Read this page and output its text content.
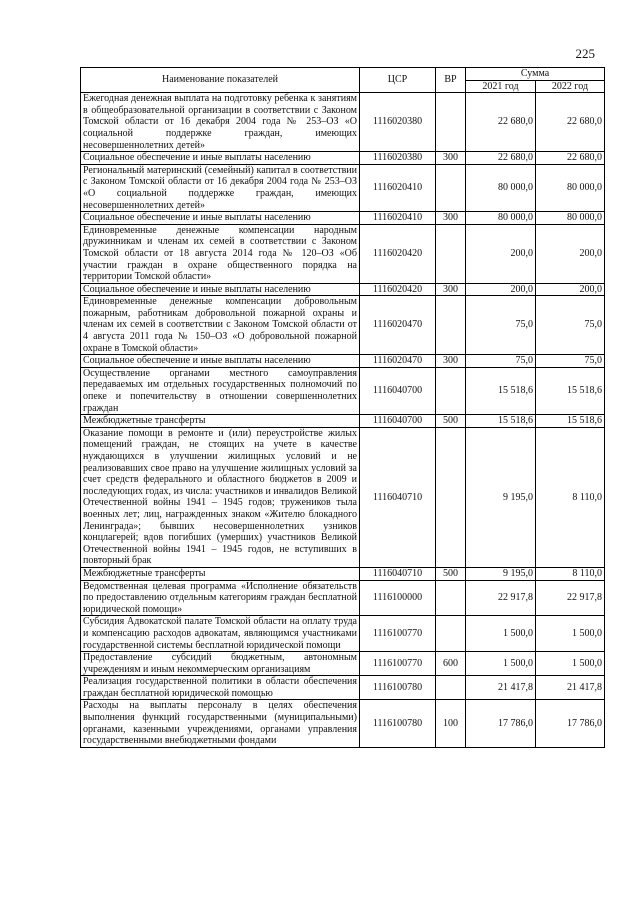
225
Наименование показателей	ЦСР	ВР	Сумма	
			2021 год	2022 год
Ежегодная денежная выплата на подготовку ребенка к занятиям в общеобразовательной организации в соответствии с Законом Томской области от 16 декабря 2004 года № 253–ОЗ «О социальной поддержке граждан, имеющих несовершеннолетних детей»	1116020380		22 680,0	22 680,0
Социальное обеспечение и иные выплаты населению	1116020380	300	22 680,0	22 680,0
Региональный материнский (семейный) капитал в соответствии с Законом Томской области от 16 декабря 2004 года № 253–ОЗ «О социальной поддержке граждан, имеющих несовершеннолетних детей»	1116020410		80 000,0	80 000,0
Социальное обеспечение и иные выплаты населению	1116020410	300	80 000,0	80 000,0
Единовременные денежные компенсации народным дружинникам и членам их семей в соответствии с Законом Томской области от 18 августа 2014 года № 120–ОЗ «Об участии граждан в охране общественного порядка на территории Томской области»	1116020420		200,0	200,0
Социальное обеспечение и иные выплаты населению	1116020420	300	200,0	200,0
Единовременные денежные компенсации добровольным пожарным, работникам добровольной пожарной охраны и членам их семей в соответствии с Законом Томской области от 4 августа 2011 года № 150–ОЗ «О добровольной пожарной охране в Томской области»	1116020470		75,0	75,0
Социальное обеспечение и иные выплаты населению	1116020470	300	75,0	75,0
Осуществление органами местного самоуправления передаваемых им отдельных государственных полномочий по опеке и попечительству в отношении совершеннолетних граждан	1116040700		15 518,6	15 518,6
Межбюджетные трансферты	1116040700	500	15 518,6	15 518,6
Оказание помощи в ремонте и (или) переустройстве жилых помещений граждан, не стоящих на учете в качестве нуждающихся в улучшении жилищных условий и не реализовавших свое право на улучшение жилищных условий за счет средств федерального и областного бюджетов в 2009 и последующих годах, из числа: участников и инвалидов Великой Отечественной войны 1941 – 1945 годов; тружеников тыла военных лет; лиц, награжденных знаком «Жителю блокадного Ленинграда»; бывших несовершеннолетних узников концлагерей; вдов погибших (умерших) участников Великой Отечественной войны 1941 – 1945 годов, не вступивших в повторный брак	1116040710		9 195,0	8 110,0
Межбюджетные трансферты	1116040710	500	9 195,0	8 110,0
Ведомственная целевая программа «Исполнение обязательств по предоставлению отдельным категориям граждан бесплатной юридической помощи»	1116100000		22 917,8	22 917,8
Субсидия Адвокатской палате Томской области на оплату труда и компенсацию расходов адвокатам, являющимся участниками государственной системы бесплатной юридической помощи	1116100770		1 500,0	1 500,0
Предоставление субсидий бюджетным, автономным учреждениям и иным некоммерческим организациям	1116100770	600	1 500,0	1 500,0
Реализация государственной политики в области обеспечения граждан бесплатной юридической помощью	1116100780		21 417,8	21 417,8
Расходы на выплаты персоналу в целях обеспечения выполнения функций государственными (муниципальными) органами, казенными учреждениями, органами управления государственными внебюджетными фондами	1116100780	100	17 786,0	17 786,0
